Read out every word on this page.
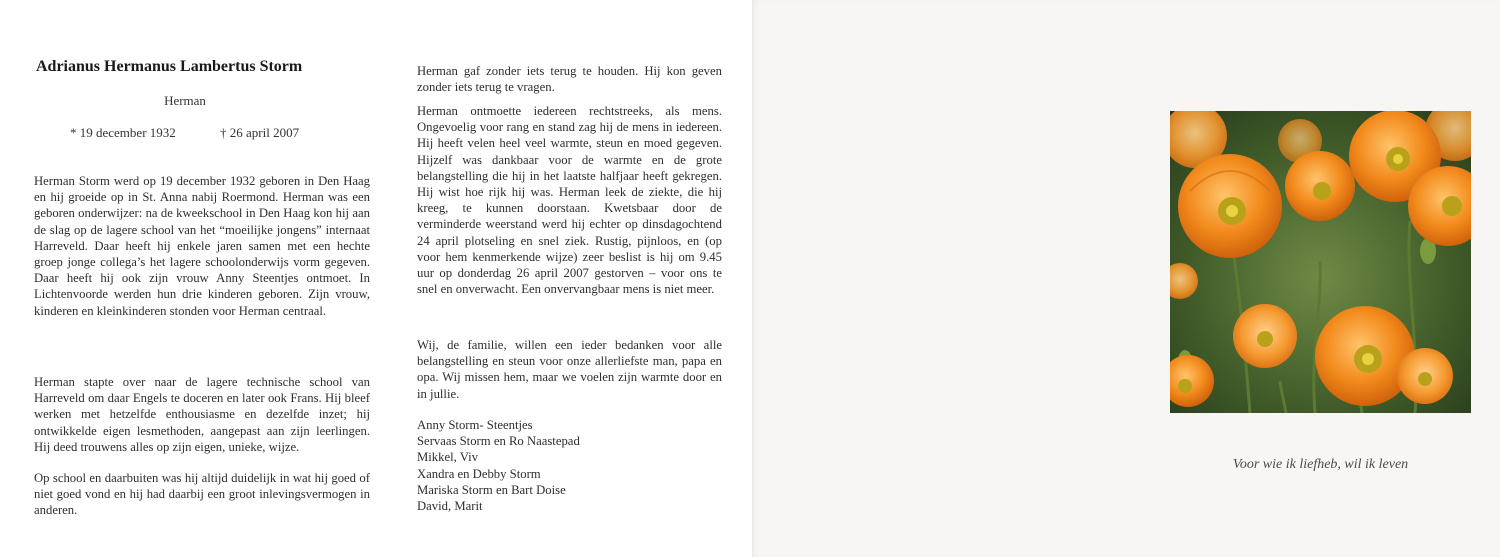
Adrianus Hermanus Lambertus Storm
Herman
* 19 december 1932	† 26 april 2007

Herman Storm werd op 19 december 1932 geboren in Den Haag en hij groeide op in St. Anna nabij Roermond. Herman was een geboren onderwijzer: na de kweekschool in Den Haag kon hij aan de slag op de lagere school van het “moeilijke jongens” internaat Harreveld. Daar heeft hij enkele jaren samen met een hechte groep jonge collega’s het lagere schoolonderwijs vorm gegeven. Daar heeft hij ook zijn vrouw Anny Steentjes ontmoet. In Lichtenvoorde werden hun drie kinderen geboren. Zijn vrouw, kinderen en kleinkinderen stonden voor Herman centraal.

Herman stapte over naar de lagere technische school van Harreveld om daar Engels te doceren en later ook Frans. Hij bleef werken met hetzelfde enthousiasme en dezelfde inzet; hij ontwikkelde eigen lesmethoden, aangepast aan zijn leerlingen. Hij deed trouwens alles op zijn eigen, unieke, wijze.

Op school en daarbuiten was hij altijd duidelijk in wat hij goed of niet goed vond en hij had daarbij een groot inlevingsvermogen in anderen.

Herman gaf zonder iets terug te houden. Hij kon geven zonder iets terug te vragen.

Herman ontmoette iedereen rechtstreeks, als mens. Ongevoelig voor rang en stand zag hij de mens in iedereen. Hij heeft velen heel veel warmte, steun en moed gegeven. Hijzelf was dankbaar voor de warmte en de grote belangstelling die hij in het laatste halfjaar heeft gekregen. Hij wist hoe rijk hij was. Herman leek de ziekte, die hij kreeg, te kunnen doorstaan. Kwetsbaar door de verminderde weerstand werd hij echter op dinsdagochtend 24 april plotseling en snel ziek. Rustig, pijnloos, en (op voor hem kenmerkende wijze) zeer beslist is hij om 9.45 uur op donderdag 26 april 2007 gestorven – voor ons te snel en onverwacht. Een onvervangbaar mens is niet meer.

Wij, de familie, willen een ieder bedanken voor alle belangstelling en steun voor onze allerliefste man, papa en opa. Wij missen hem, maar we voelen zijn warmte door en in jullie.

Anny Storm- Steentjes
Servaas Storm en Ro Naastepad
Mikkel, Viv
Xandra en Debby Storm
Mariska Storm en Bart Doise
David, Marit
Voor wie ik liefheb, wil ik leven
